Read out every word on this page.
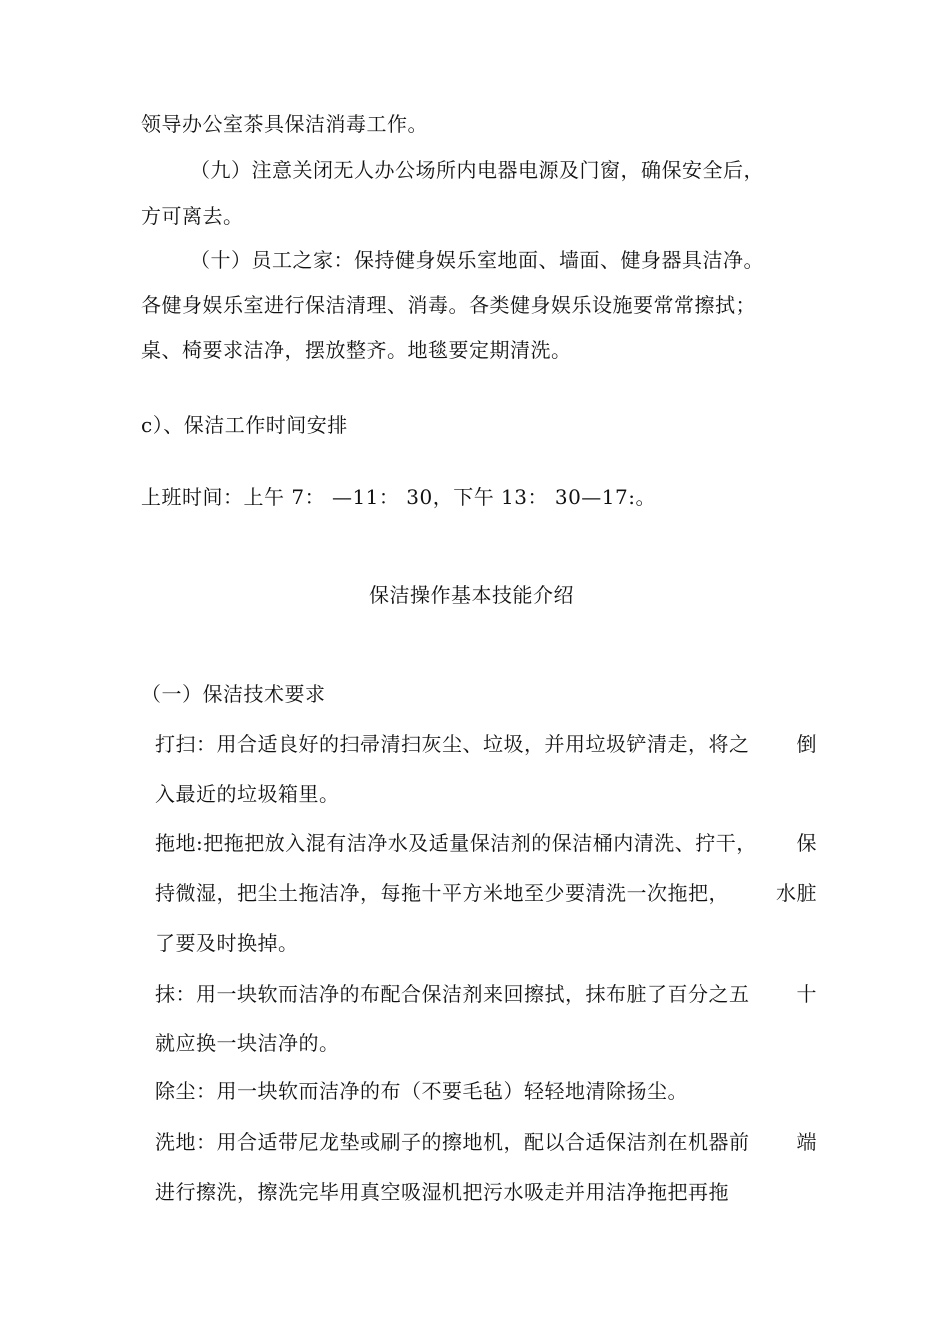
领导办公室茶具保洁消毒工作。
（九）注意关闭无人办公场所内电器电源及门窗，确保安全后，
方可离去。
（十）员工之家：保持健身娱乐室地面、墙面、健身器具洁净。
各健身娱乐室进行保洁清理、消毒。各类健身娱乐设施要常常擦拭；
桌、椅要求洁净，摆放整齐。地毯要定期清洗。
c）、保洁工作时间安排
上班时间：上午 7： —11： 30，下午 13： 30—17:。
保洁操作基本技能介绍
（一）保洁技术要求
打扫：用合适良好的扫帚清扫灰尘、垃圾，并用垃圾铲清走，将之 倒
入最近的垃圾箱里。
拖地:把拖把放入混有洁净水及适量保洁剂的保洁桶内清洗、拧干， 保
持微湿，把尘土拖洁净，每拖十平方米地至少要清洗一次拖把， 水脏
了要及时换掉。
抹：用一块软而洁净的布配合保洁剂来回擦拭，抹布脏了百分之五 十
就应换一块洁净的。
除尘：用一块软而洁净的布（不要毛毡）轻轻地清除扬尘。
洗地：用合适带尼龙垫或刷子的擦地机，配以合适保洁剂在机器前 端
进行擦洗，擦洗完毕用真空吸湿机把污水吸走并用洁净拖把再拖
